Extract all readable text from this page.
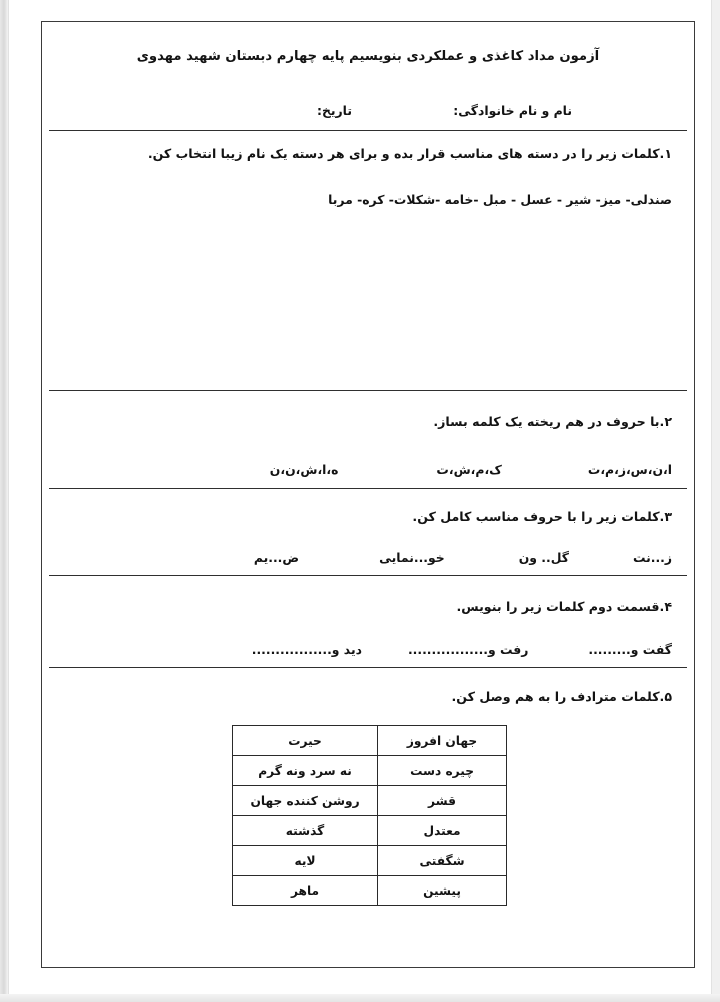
آزمون مداد کاغذی و عملکردی بنویسیم پایه چهارم دبستان شهید مهدوی
نام و نام خانوادگی:
تاریخ:
۱.کلمات زیر را در دسته های مناسب قرار بده و برای هر دسته یک نام زیبا انتخاب کن.
صندلی- میز- شیر - عسل - مبل -خامه -شکلات- کره- مربا
۲.با حروف در هم ریخته یک کلمه بساز.
ا،ن،س،ز،م،ت
ک،م،ش،ت
ه،ا،ش،ن،ن
۳.کلمات زیر را با حروف مناسب کامل کن.
ز...نت
گل.. ون
خو...نمایی
ض...یم
۴.قسمت دوم کلمات زیر را بنویس.
گفت و.........
رفت و.................
دید و.................
۵.کلمات مترادف را به هم وصل کن.
جهان افروز	حیرت
چیره دست	نه سرد ونه گرم
قشر	روشن کننده جهان
معتدل	گذشته
شگفتی	لایه
پیشین	ماهر
